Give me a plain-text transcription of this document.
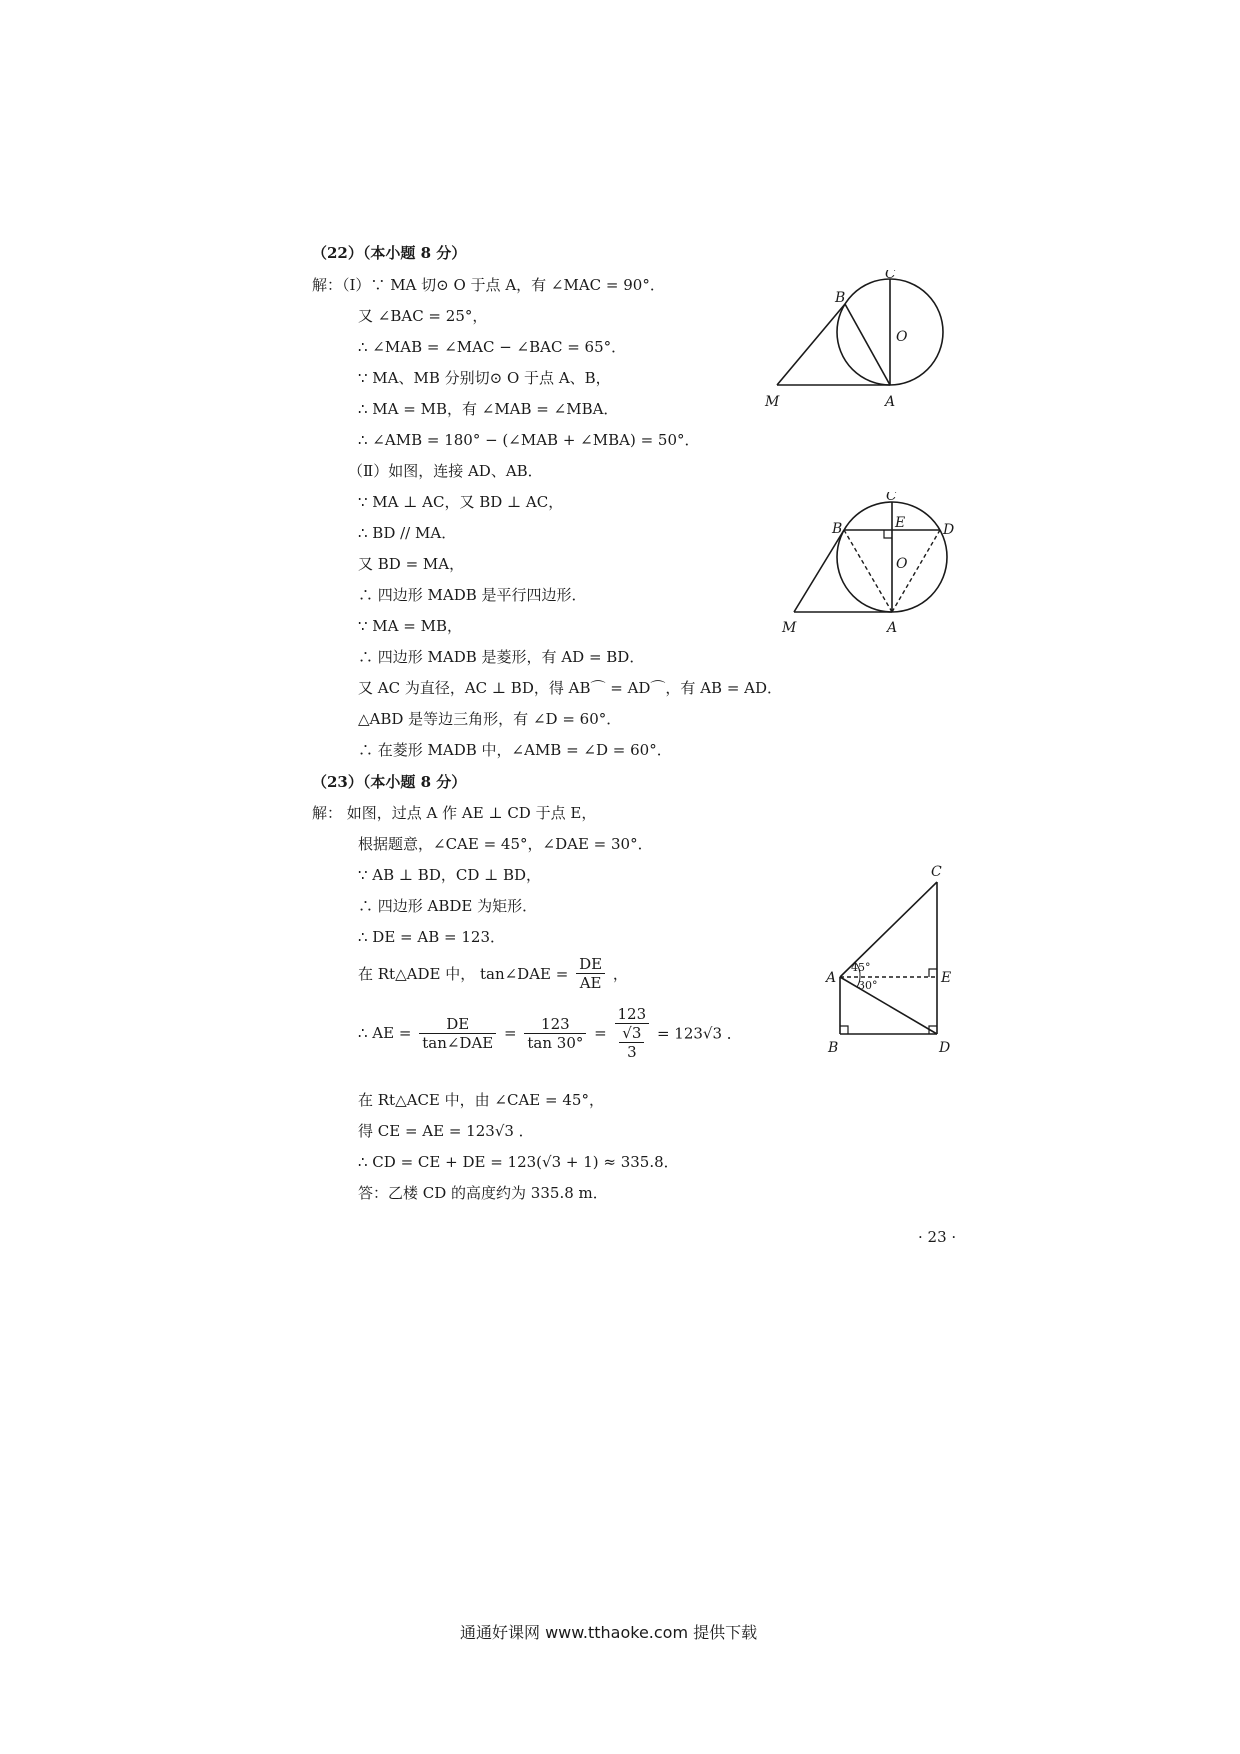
（22）（本小题 8 分）
解：（Ⅰ）∵ MA 切⊙ O 于点 A，有 ∠MAC = 90°．
又 ∠BAC = 25°，
∴ ∠MAB = ∠MAC − ∠BAC = 65°．
∵ MA、MB 分别切⊙ O 于点 A、B，
∴ MA = MB，有 ∠MAB = ∠MBA．
∴ ∠AMB = 180° − (∠MAB + ∠MBA) = 50°．
（Ⅱ）如图，连接 AD、AB．
∵ MA ⊥ AC，又 BD ⊥ AC，
∴ BD // MA．
又 BD = MA，
∴ 四边形 MADB 是平行四边形．
∵ MA = MB，
∴ 四边形 MADB 是菱形，有 AD = BD．
又 AC 为直径，AC ⊥ BD，得 AB⌒ = AD⌒，有 AB = AD．
△ABD 是等边三角形，有 ∠D = 60°．
∴ 在菱形 MADB 中，∠AMB = ∠D = 60°．
C
B
O
M	A
C
E
B	D
O
M	A
（23）（本小题 8 分）
解： 如图，过点 A 作 AE ⊥ CD 于点 E，
根据题意，∠CAE = 45°，∠DAE = 30°．
∵ AB ⊥ BD，CD ⊥ BD，
∴ 四边形 ABDE 为矩形．
∴ DE = AB = 123．
在 Rt△ADE 中， tan∠DAE = $\frac{DE}{AE}$ ，
∴ AE = $\frac{DE}{\text{tan∠DAE}} = \frac{123}{\tan 30^\circ} = \frac{123}{\frac{√3}{3}} = 123√3$ ．
在 Rt△ACE 中，由 ∠CAE = 45°，
得 CE = AE = 123√3 ．
∴ CD = CE + DE = 123(√3 + 1) ≈ 335.8．
答：乙楼 CD 的高度约为 335.8 m．
C
A	E
B	D
45°
30°
· 23 ·
通通好课网 www.tthaoke.com 提供下载
